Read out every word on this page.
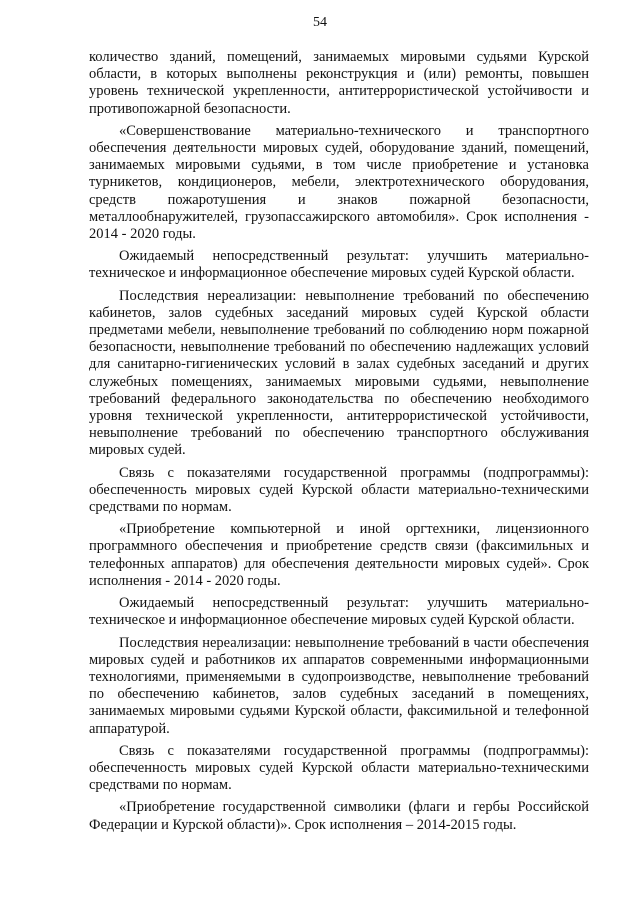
54

количество зданий, помещений, занимаемых мировыми судьями Курской области, в которых выполнены реконструкция и (или) ремонты, повышен уровень технической укрепленности, антитеррористической устойчивости и противопожарной безопасности.

«Совершенствование материально-технического и транспортного обеспечения деятельности мировых судей, оборудование зданий, помещений, занимаемых мировыми судьями, в том числе приобретение и установка турникетов, кондиционеров, мебели, электротехнического оборудования, средств пожаротушения и знаков пожарной безопасности, металлообнаружителей, грузопассажирского автомобиля». Срок исполнения - 2014 - 2020 годы.

Ожидаемый непосредственный результат: улучшить материально-техническое и информационное обеспечение мировых судей Курской области.

Последствия нереализации: невыполнение требований по обеспечению кабинетов, залов судебных заседаний мировых судей Курской области предметами мебели, невыполнение требований по соблюдению норм пожарной безопасности, невыполнение требований по обеспечению надлежащих условий для санитарно-гигиенических условий в залах судебных заседаний и других служебных помещениях, занимаемых мировыми судьями, невыполнение требований федерального законодательства по обеспечению необходимого уровня технической укрепленности, антитеррористической устойчивости, невыполнение требований по обеспечению транспортного обслуживания мировых судей.

Связь с показателями государственной программы (подпрограммы): обеспеченность мировых судей Курской области материально-техническими средствами по нормам.

«Приобретение компьютерной и иной оргтехники, лицензионного программного обеспечения и приобретение средств связи (факсимильных и телефонных аппаратов) для обеспечения деятельности мировых судей». Срок исполнения - 2014 - 2020 годы.

Ожидаемый непосредственный результат: улучшить материально-техническое и информационное обеспечение мировых судей Курской области.

Последствия нереализации: невыполнение требований в части обеспечения мировых судей и работников их аппаратов современными информационными технологиями, применяемыми в судопроизводстве, невыполнение требований по обеспечению кабинетов, залов судебных заседаний в помещениях, занимаемых мировыми судьями Курской области, факсимильной и телефонной аппаратурой.

Связь с показателями государственной программы (подпрограммы): обеспеченность мировых судей Курской области материально-техническими средствами по нормам.

«Приобретение государственной символики (флаги и гербы Российской Федерации и Курской области)». Срок исполнения – 2014-2015 годы.
